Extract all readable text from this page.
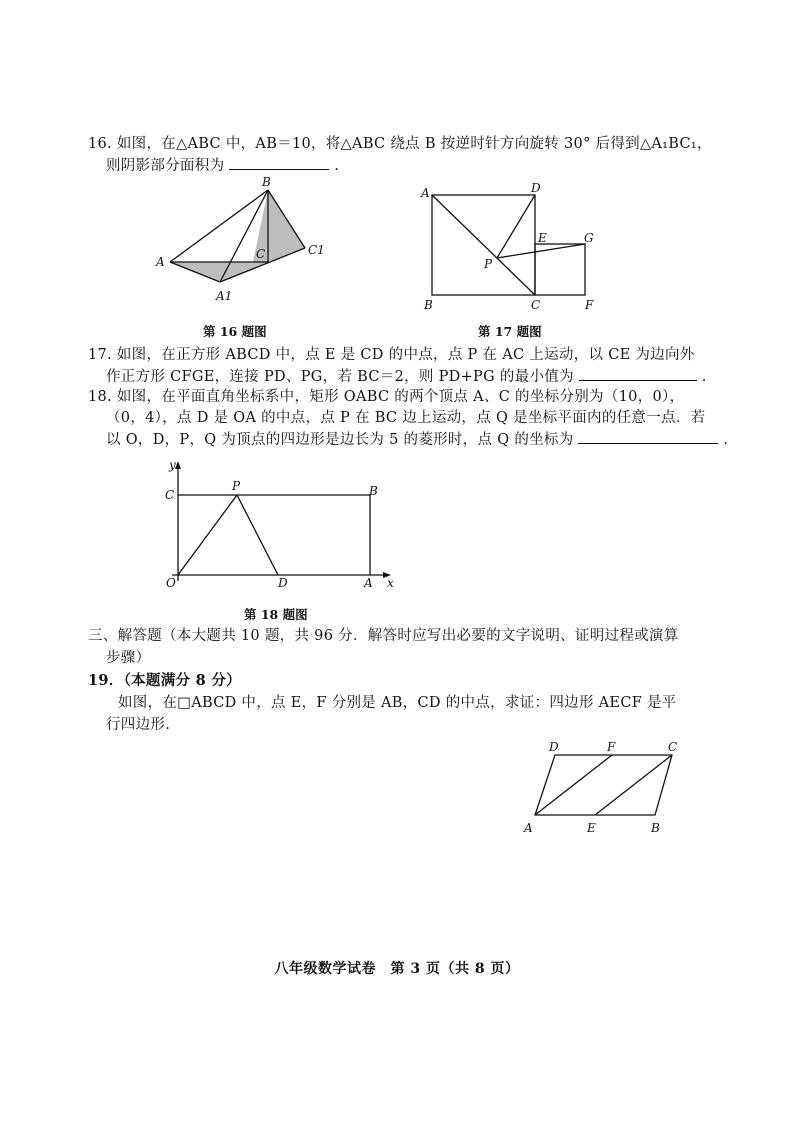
16. 如图，在△ABC 中，AB＝10，将△ABC 绕点 B 按逆时针方向旋转 30° 后得到△A₁BC₁，
则阴影部分面积为	.
B
A
C	C1
A1
第 16 题图
A	D
E	G
P
B	C	F
第 17 题图
17. 如图，在正方形 ABCD 中，点 E 是 CD 的中点，点 P 在 AC 上运动，以 CE 为边向外
作正方形 CFGE，连接 PD、PG，若 BC＝2，则 PD+PG 的最小值为	.
18. 如图，在平面直角坐标系中，矩形 OABC 的两个顶点 A、C 的坐标分别为（10，0），
（0，4），点 D 是 OA 的中点，点 P 在 BC 边上运动，点 Q 是坐标平面内的任意一点．若
以 O，D，P，Q 为顶点的四边形是边长为 5 的菱形时，点 Q 的坐标为	.
y
C
P	B
O	D	A x
第 18 题图
三、解答题（本大题共 10 题，共 96 分．解答时应写出必要的文字说明、证明过程或演算
步骤）
19．（本题满分 8 分）
如图，在□ABCD 中，点 E，F 分别是 AB，CD 的中点，求证：四边形 AECF 是平
行四边形.
D	F	C
A	E	B
八年级数学试卷　第 3 页（共 8 页）
